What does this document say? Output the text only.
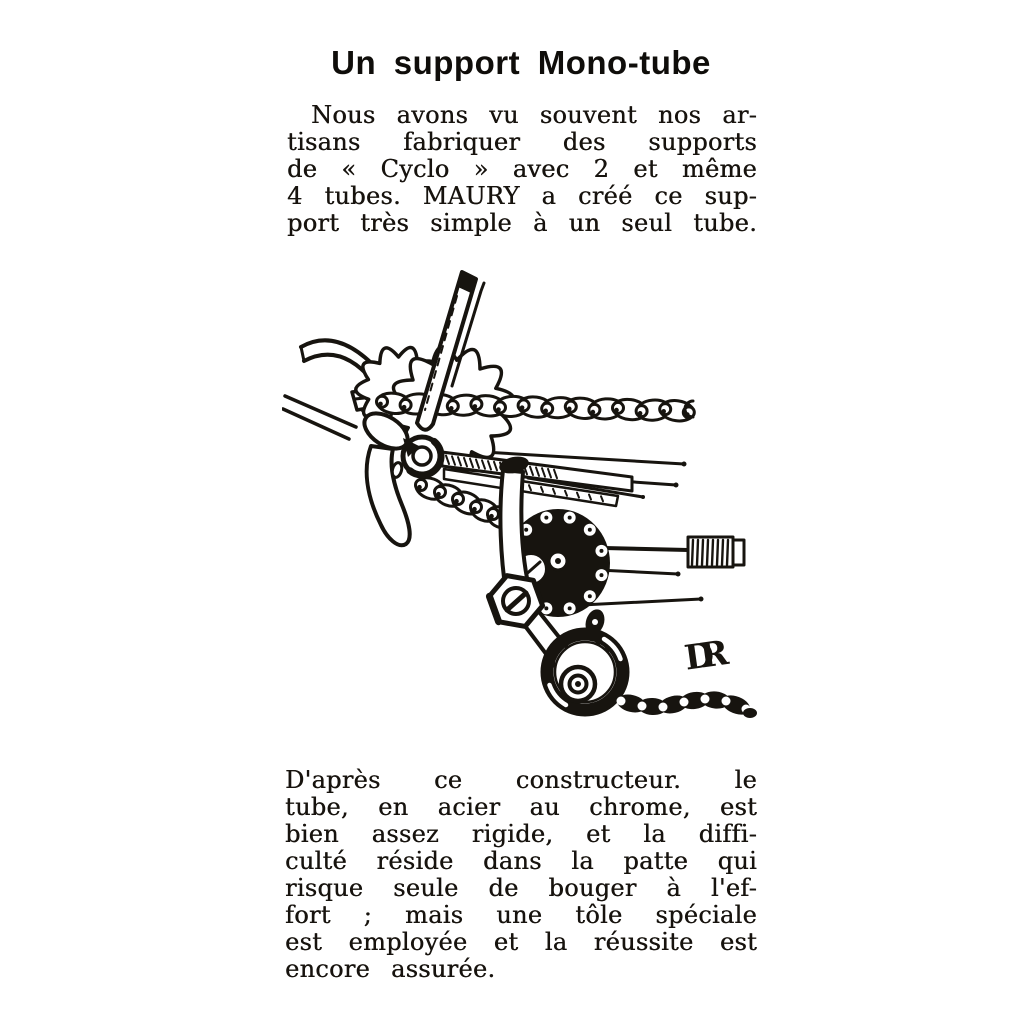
Un support Mono-tube
Nous avons vu souvent nos ar-
tisans fabriquer des supports
de « Cyclo » avec 2 et même
4 tubes. MAURY a créé ce sup-
port très simple à un seul tube.
DR
D'après ce constructeur. le
tube, en acier au chrome, est
bien assez rigide, et la diffi-
culté réside dans la patte qui
risque seule de bouger à l'ef-
fort ; mais une tôle spéciale
est employée et la réussite est
encore assurée.
